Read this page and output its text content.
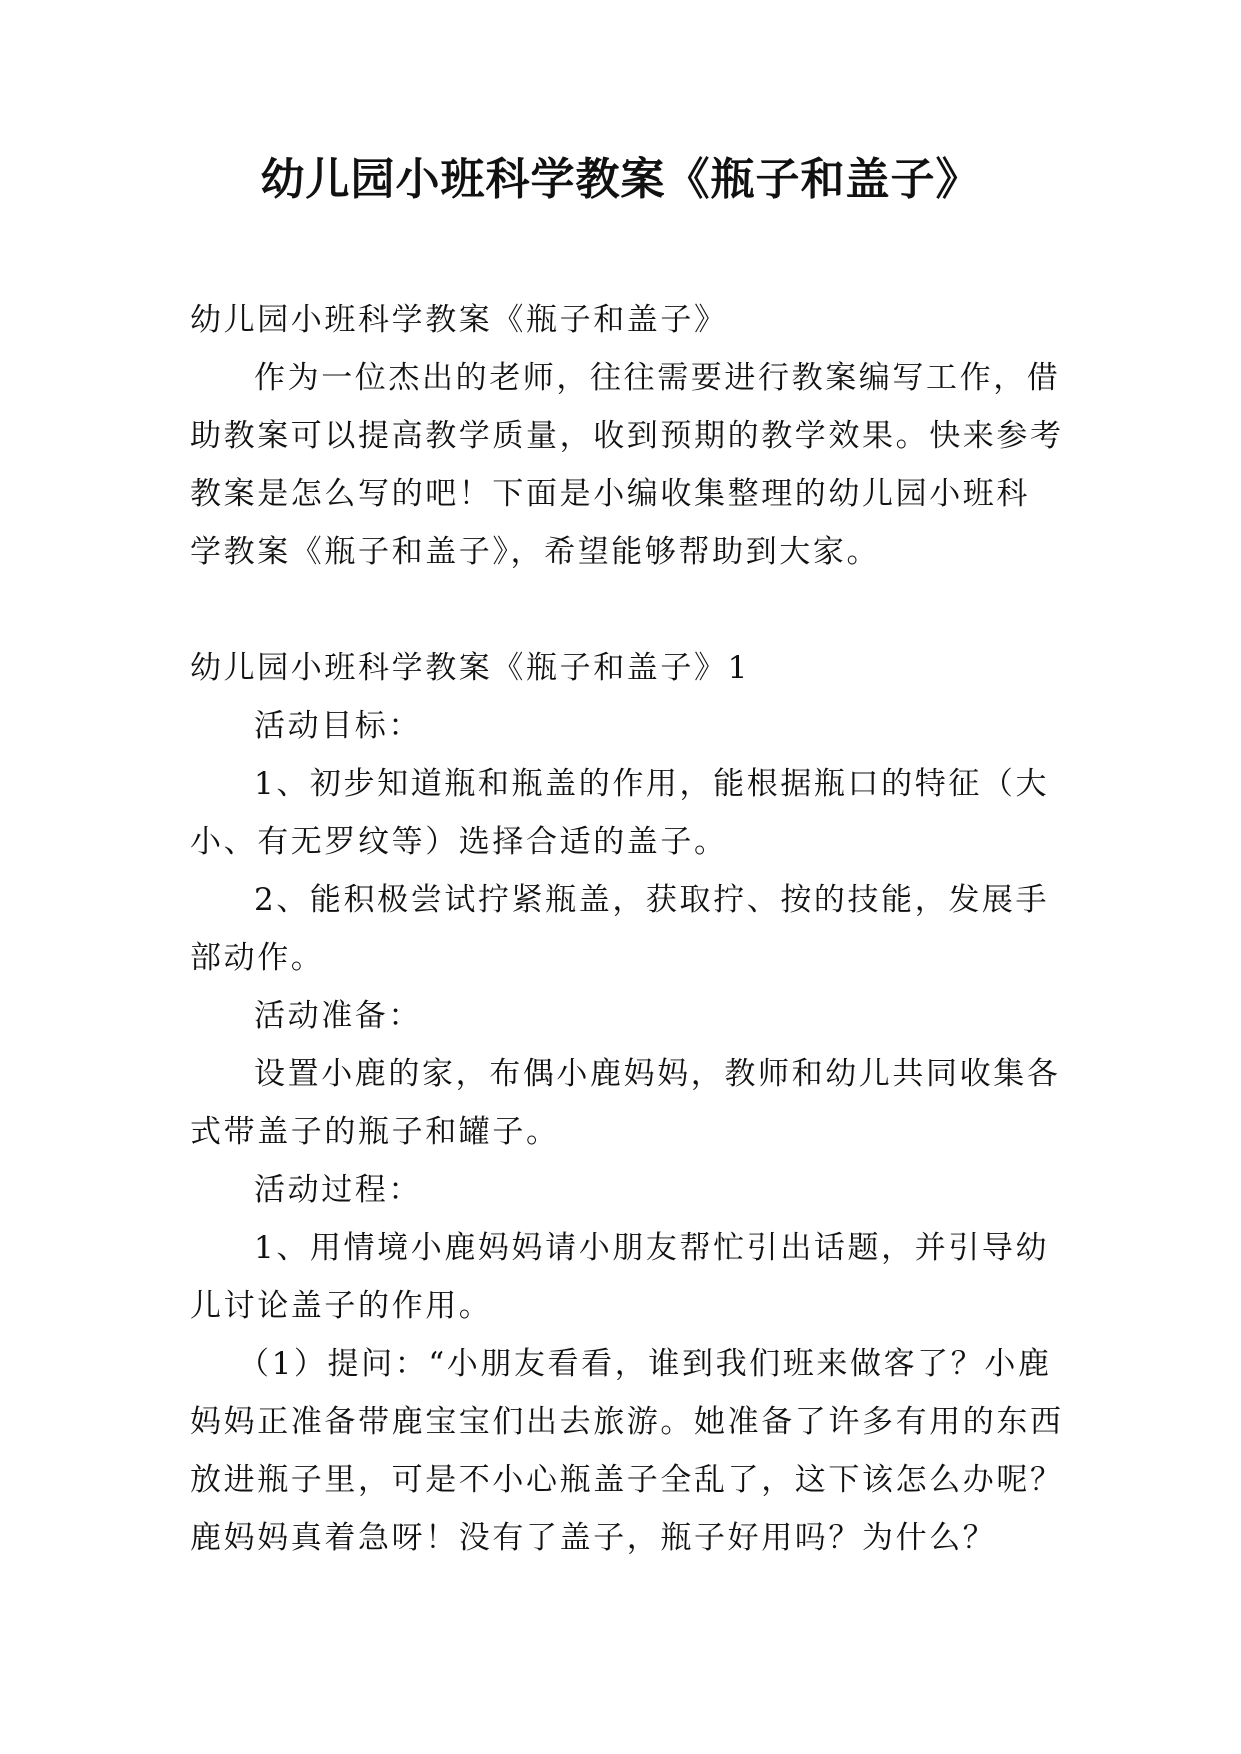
幼儿园小班科学教案《瓶子和盖子》
幼儿园小班科学教案《瓶子和盖子》
作为一位杰出的老师，往往需要进行教案编写工作，借
助教案可以提高教学质量，收到预期的教学效果。快来参考
教案是怎么写的吧！下面是小编收集整理的幼儿园小班科
学教案《瓶子和盖子》，希望能够帮助到大家。
幼儿园小班科学教案《瓶子和盖子》1
活动目标：
1、初步知道瓶和瓶盖的作用，能根据瓶口的特征（大
小、有无罗纹等）选择合适的盖子。
2、能积极尝试拧紧瓶盖，获取拧、按的技能，发展手
部动作。
活动准备：
设置小鹿的家，布偶小鹿妈妈，教师和幼儿共同收集各
式带盖子的瓶子和罐子。
活动过程：
1、用情境小鹿妈妈请小朋友帮忙引出话题，并引导幼
儿讨论盖子的作用。
（1）提问：“小朋友看看，谁到我们班来做客了？小鹿
妈妈正准备带鹿宝宝们出去旅游。她准备了许多有用的东西
放进瓶子里，可是不小心瓶盖子全乱了，这下该怎么办呢？
鹿妈妈真着急呀！没有了盖子，瓶子好用吗？为什么？
